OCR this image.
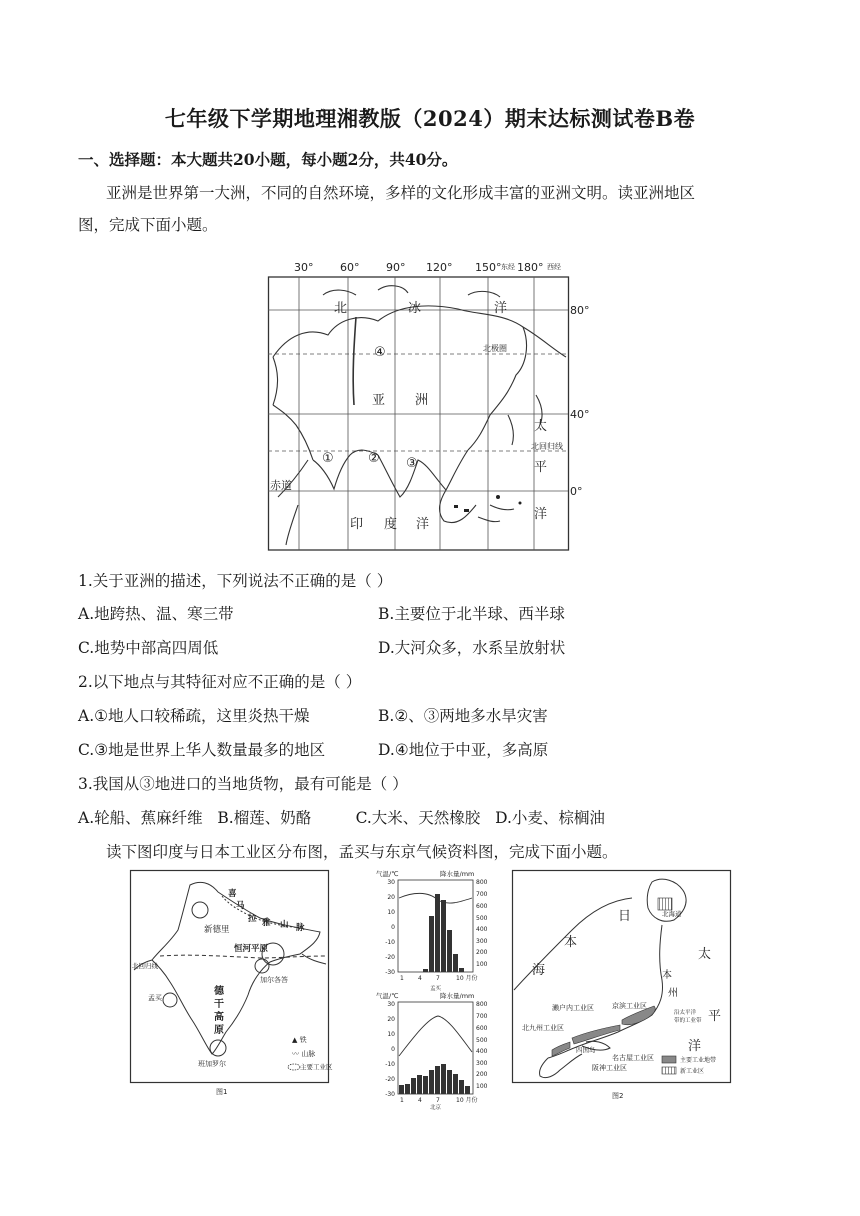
七年级下学期地理湘教版（2024）期末达标测试卷B卷
一、选择题：本大题共20小题，每小题2分，共40分。
亚洲是世界第一大洲，不同的自然环境，多样的文化形成丰富的亚洲文明。读亚洲地区
图，完成下面小题。
30° 60° 90° 120° 150° 东经 180° 西经
80°
40°
0°
北极圈
北回归线
赤道
北	冰	洋
亚 洲
太
平
洋
印 度 洋
①	② ③
④
1.关于亚洲的描述，下列说法不正确的是（ ）
A.地跨热、温、寒三带	B.主要位于北半球、西半球
C.地势中部高四周低	D.大河众多，水系呈放射状
2.以下地点与其特征对应不正确的是（ ）
A.①地人口较稀疏，这里炎热干燥	B.②、③两地多水旱灾害
C.③地是世界上华人数量最多的地区	D.④地位于中亚，多高原
3.我国从③地进口的当地货物，最有可能是（ ）
A.轮船、蕉麻纤维   B.榴莲、奶酪         C.大米、天然橡胶   D.小麦、棕榈油
读下图印度与日本工业区分布图，孟买与东京气候资料图，完成下面小题。
喜
马
拉 雅 山 脉
新德里
恒河平原
北回归线
加尔各答
孟买
德
干
高
原
班加罗尔
▲ 铁
〰 山脉
主要工业区
图1
气温/℃	降水量/mm
30
20
10
0
-10
-20
-30
800
700
600
500
400
300
200
100
1 4 7	10 月份
孟买
气温/℃	降水量/mm
30
20
10
0
-10
-20
-30
800
700
600
500
400
300
200
100
1 4 7	10 月份
北京
日
本
海
太
平
洋
本
州
北海道
濑户内工业区	京滨工业区
沿太平洋
带的工业带
北九州工业区
名古屋工业区
四国岛
阪神工业区
主要工业地带
新工业区
图2
